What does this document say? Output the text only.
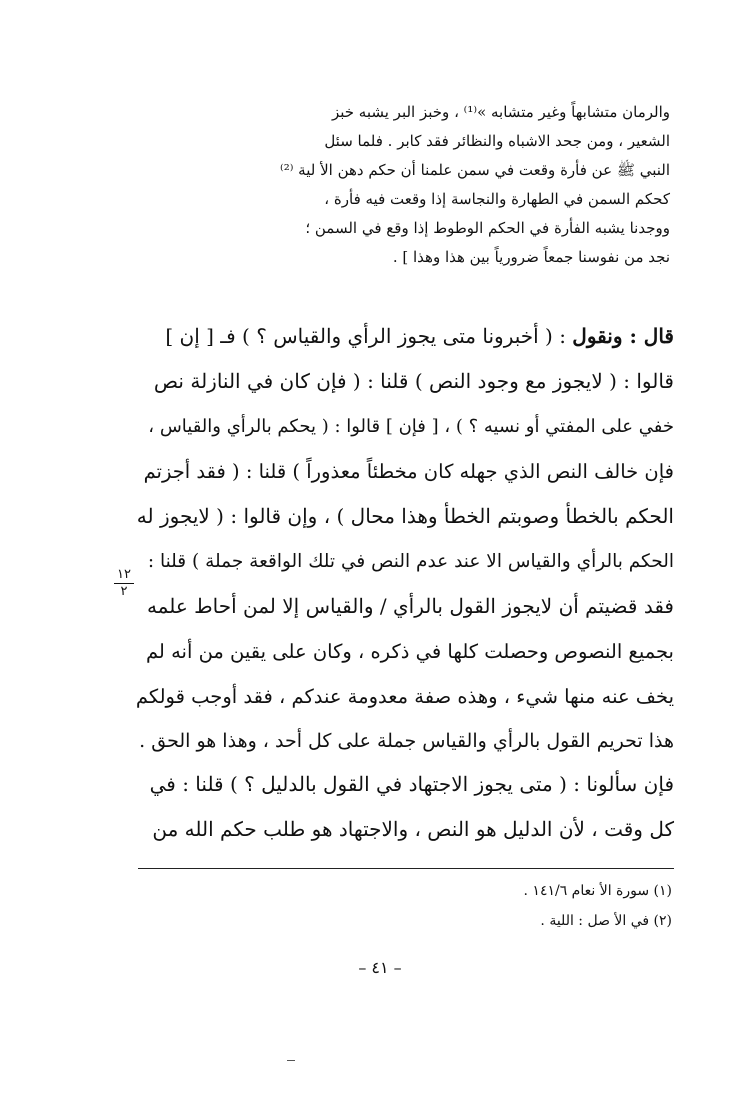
والرمان متشابهاً وغير متشابه »⁽¹⁾ ، وخبز البر يشبه خبز
الشعير ، ومن جحد الاشباه والنظائر فقد كابر . فلما سئل
النبي ﷺ عن فأرة وقعت في سمن علمنا أن حكم دهن الأ لية ⁽²⁾
كحكم السمن في الطهارة والنجاسة إذا وقعت فيه فأرة ،
ووجدنا يشبه الفأرة في الحكم الوطوط إذا وقع في السمن ؛
نجد من نفوسنا جمعاً ضرورياً بين هذا وهذا ] .
قال : ونقول : ( أخبرونا متى يجوز الرأي والقياس ؟ ) فـ [ إن ]
قالوا : ( لايجوز مع وجود النص ) قلنا : ( فإن كان في النازلة نص
خفي على المفتي أو نسيه ؟ ) ، [ فإن ] قالوا : ( يحكم بالرأي والقياس ،
فإن خالف النص الذي جهله كان مخطئاً معذوراً ) قلنا : ( فقد أجزتم
الحكم بالخطأ وصوبتم الخطأ وهذا محال ) ، وإن قالوا : ( لايجوز له
الحكم بالرأي والقياس الا عند عدم النص في تلك الواقعة جملة ) قلنا :
فقد قضيتم أن لايجوز القول بالرأي / والقياس إلا لمن أحاط علمه
بجميع النصوص وحصلت كلها في ذكره ، وكان على يقين من أنه لم
يخف عنه منها شيء ، وهذه صفة معدومة عندكم ، فقد أوجب قولكم
هذا تحريم القول بالرأي والقياس جملة على كل أحد ، وهذا هو الحق .
١٢
٢
فإن سألونا : ( متى يجوز الاجتهاد في القول بالدليل ؟ ) قلنا : في
كل وقت ، لأن الدليل هو النص ، والاجتهاد هو طلب حكم الله من
(١) سورة الأ نعام ١٤١/٦ .
(٢) في الأ صل : اللية .
– ٤١ –
